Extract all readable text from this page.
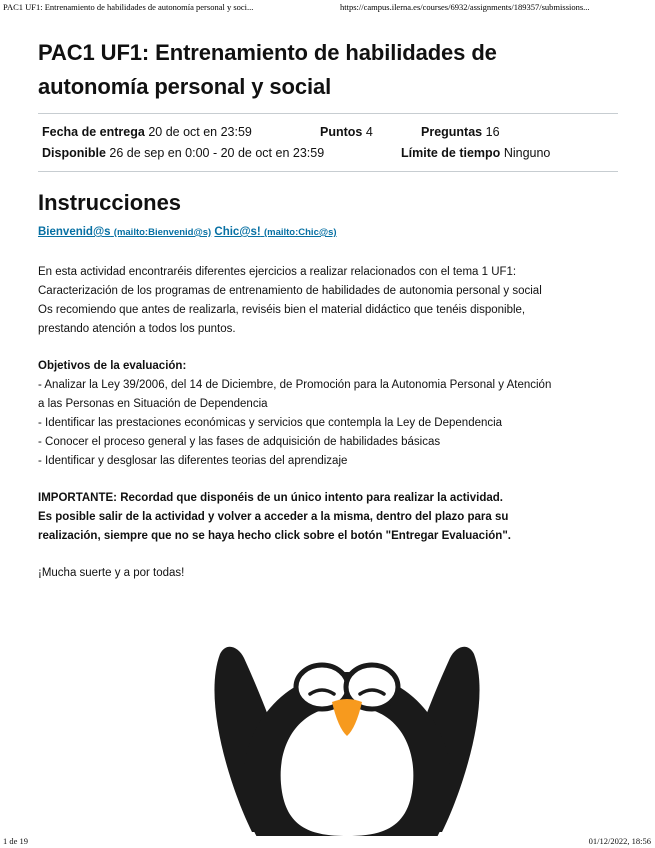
PAC1 UF1: Entrenamiento de habilidades de autonomía personal y soci...	https://campus.ilerna.es/courses/6932/assignments/189357/submissions...
PAC1 UF1: Entrenamiento de habilidades de
autonomía personal y social
Fecha de entrega 20 de oct en 23:59	Puntos 4	Preguntas 16
Disponible 26 de sep en 0:00 - 20 de oct en 23:59	Límite de tiempo Ninguno
Instrucciones
Bienvenid@s (mailto:Bienvenid@s) Chic@s! (mailto:Chic@s)
En esta actividad encontraréis diferentes ejercicios a realizar relacionados con el tema 1 UF1:
Caracterización de los programas de entrenamiento de habilidades de autonomia personal y social
Os recomiendo que antes de realizarla, reviséis bien el material didáctico que tenéis disponible,
prestando atención a todos los puntos.
Objetivos de la evaluación:
- Analizar la Ley 39/2006, del 14 de Diciembre, de Promoción para la Autonomia Personal y Atención
a las Personas en Situación de Dependencia
- Identificar las prestaciones económicas y servicios que contempla la Ley de Dependencia
- Conocer el proceso general y las fases de adquisición de habilidades básicas
- Identificar y desglosar las diferentes teorias del aprendizaje
IMPORTANTE: Recordad que disponéis de un único intento para realizar la actividad.
Es posible salir de la actividad y volver a acceder a la misma, dentro del plazo para su
realización, siempre que no se haya hecho click sobre el botón "Entregar Evaluación".
¡Mucha suerte y a por todas!
1 de 19	01/12/2022, 18:56
